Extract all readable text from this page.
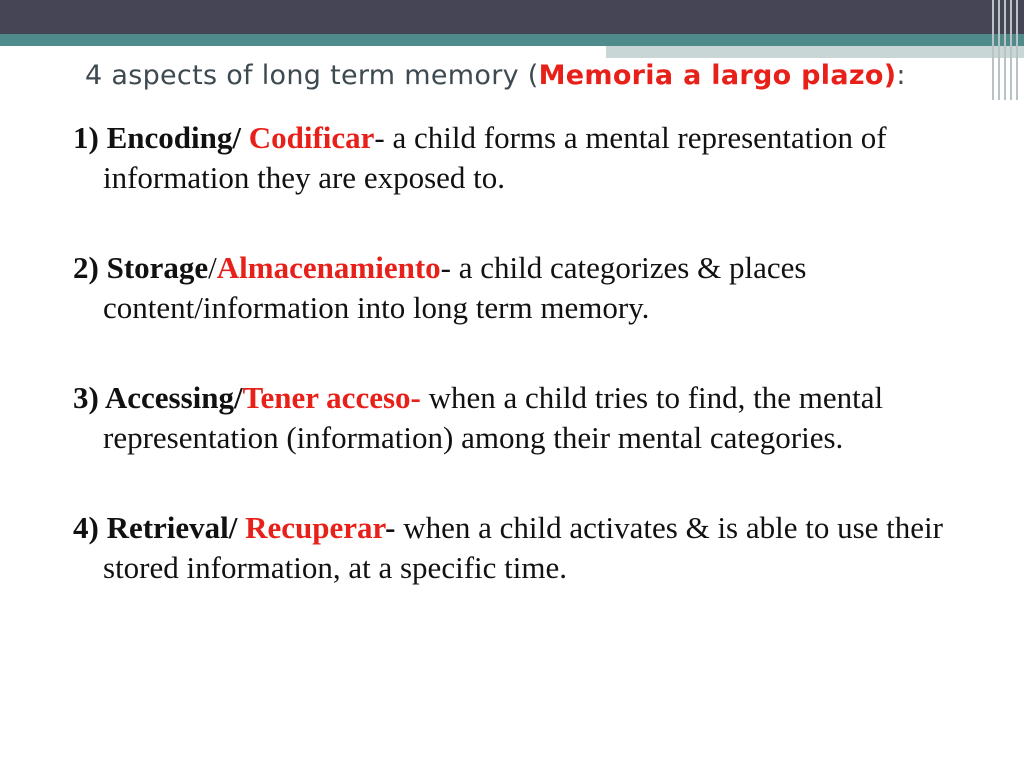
4 aspects of long term memory (Memoria a largo plazo):
1) Encoding/ Codificar- a child forms a mental representation of information they are exposed to.
2) Storage/Almacenamiento- a child categorizes & places content/information into long term memory.
3) Accessing/Tener acceso- when a child tries to find, the mental representation (information) among their mental categories.
4) Retrieval/ Recuperar- when a child activates & is able to use their stored information, at a specific time.
